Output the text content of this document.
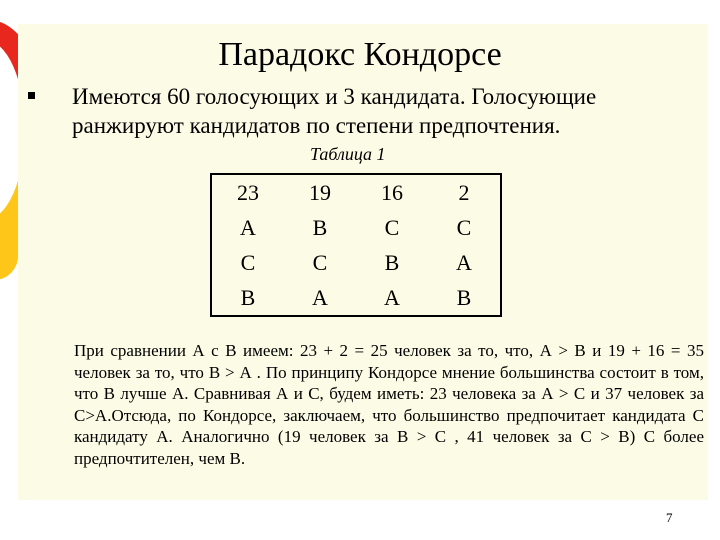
Парадокс Кондорсе
Имеются 60 голосующих и 3 кандидата. Голосующие ранжируют кандидатов по степени предпочтения.
Таблица 1
23	19	16	2
A	B	C	C
C	C	B	A
B	A	A	B
При сравнении А с В имеем: 23 + 2 = 25 человек за то, что, А > В и 19 + 16 = 35 человек за то, что В > А . По принципу Кондорсе мнение большинства состоит в том, что В лучше А. Сравнивая А и С, будем иметь: 23 человека за А > С и 37 человек за С>А.Отсюда, по Кондорсе, заключаем, что большинство предпочитает кандидата С кандидату А. Аналогично (19 человек за В > С , 41 человек за С > В) С более предпочтителен, чем В.
7
